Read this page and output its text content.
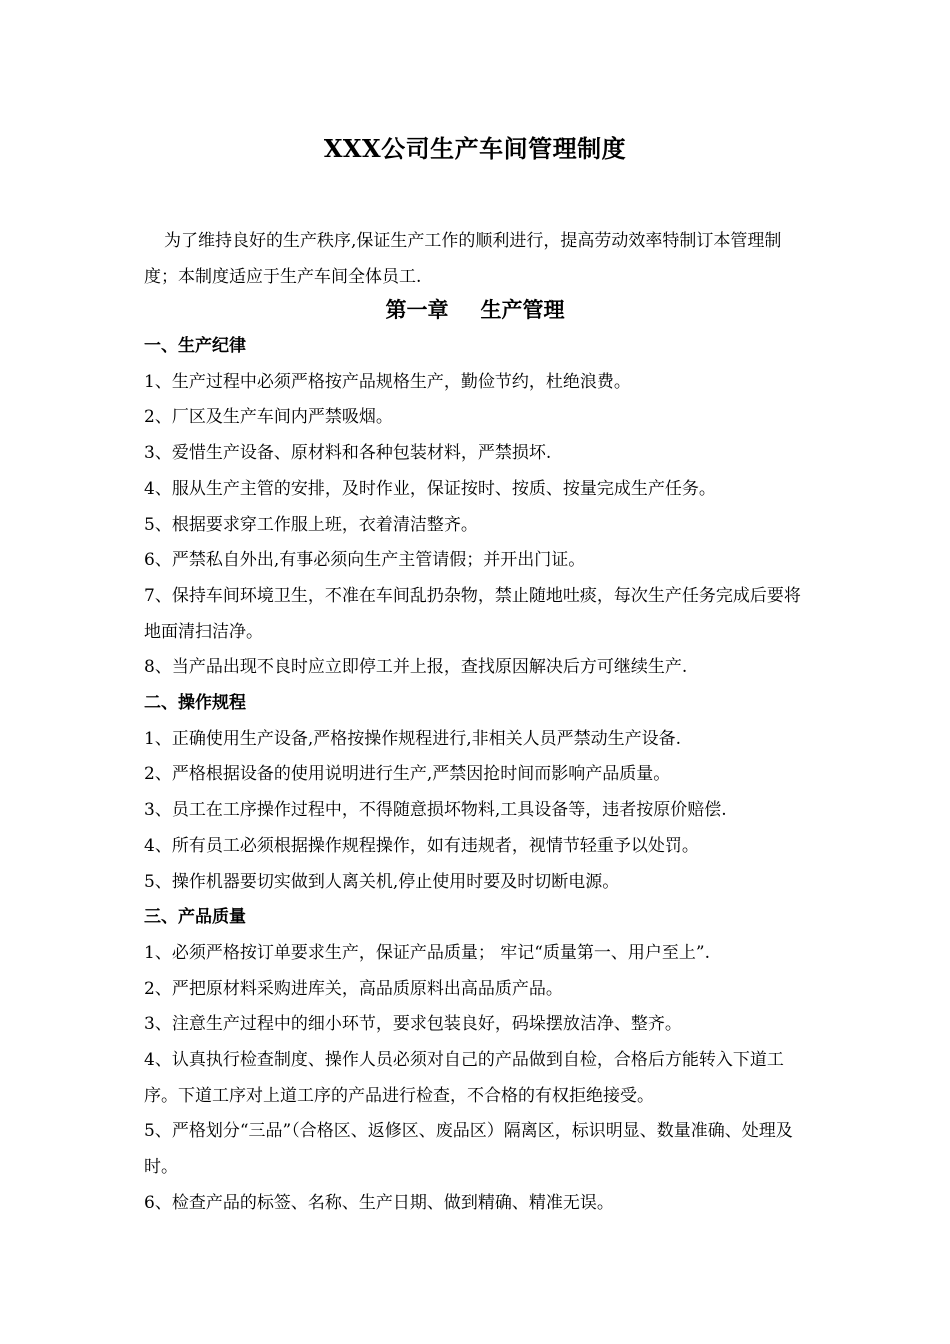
XXX公司生产车间管理制度
为了维持良好的生产秩序,保证生产工作的顺利进行，提高劳动效率特制订本管理制度；本制度适应于生产车间全体员工.
第一章 生产管理
一、生产纪律
1、生产过程中必须严格按产品规格生产，勤俭节约，杜绝浪费。
2、厂区及生产车间内严禁吸烟。
3、爱惜生产设备、原材料和各种包装材料，严禁损坏.
4、服从生产主管的安排，及时作业，保证按时、按质、按量完成生产任务。
5、根据要求穿工作服上班，衣着清洁整齐。
6、严禁私自外出,有事必须向生产主管请假；并开出门证。
7、保持车间环境卫生，不准在车间乱扔杂物，禁止随地吐痰，每次生产任务完成后要将地面清扫洁净。
8、当产品出现不良时应立即停工并上报，查找原因解决后方可继续生产.
二、操作规程
1、正确使用生产设备,严格按操作规程进行,非相关人员严禁动生产设备.
2、严格根据设备的使用说明进行生产,严禁因抢时间而影响产品质量。
3、员工在工序操作过程中，不得随意损坏物料,工具设备等，违者按原价赔偿.
4、所有员工必须根据操作规程操作，如有违规者，视情节轻重予以处罚。
5、操作机器要切实做到人离关机,停止使用时要及时切断电源。
三、产品质量
1、必须严格按订单要求生产，保证产品质量； 牢记“质量第一、用户至上”.
2、严把原材料采购进库关，高品质原料出高品质产品。
3、注意生产过程中的细小环节，要求包装良好，码垛摆放洁净、整齐。
4、认真执行检查制度、操作人员必须对自己的产品做到自检，合格后方能转入下道工序。下道工序对上道工序的产品进行检查，不合格的有权拒绝接受。
5、严格划分“三品”（合格区、返修区、废品区）隔离区，标识明显、数量准确、处理及时。
6、检查产品的标签、名称、生产日期、做到精确、精准无误。
